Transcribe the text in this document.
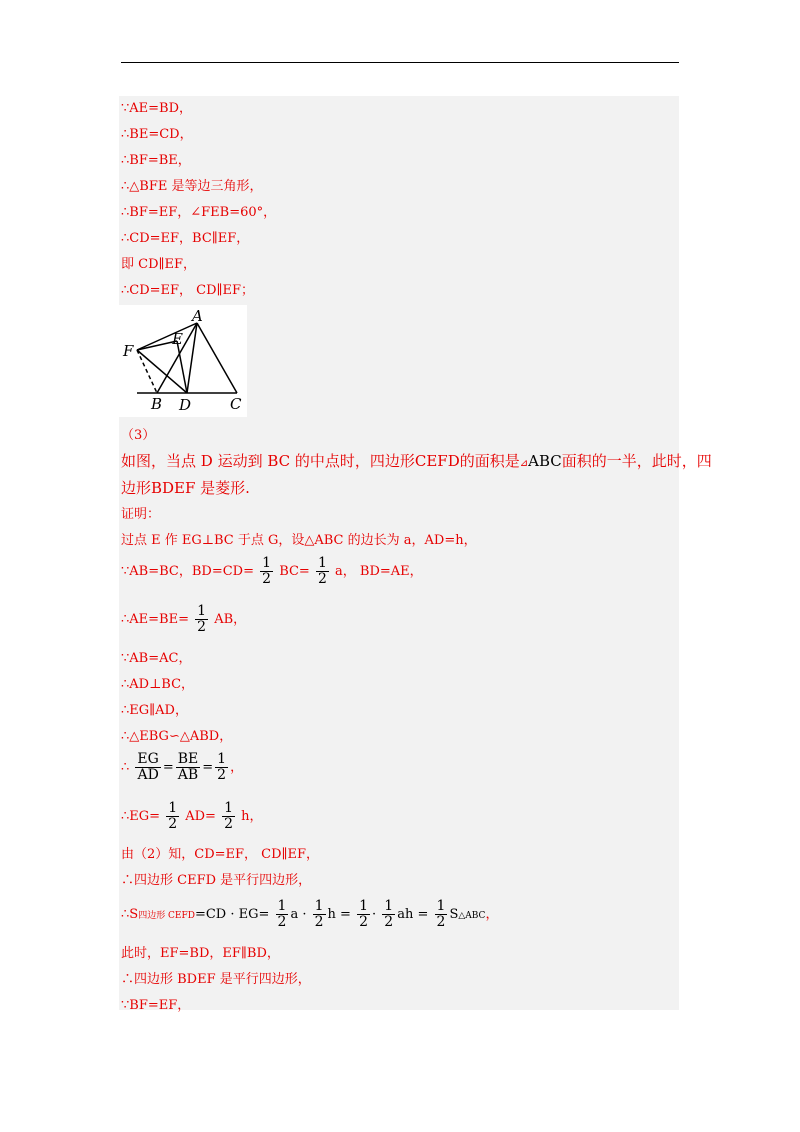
∵AE=BD，
∴BE=CD，
∴BF=BE，
∴△BFE 是等边三角形，
∴BF=EF，∠FEB=60°，
∴CD=EF，BC∥EF，
即 CD∥EF，
∴CD=EF， CD∥EF；
A
E
F
B D	C
（3）
如图，当点 D 运动到 BC 的中点时，四边形CEFD的面积是⊿ABC面积的一半，此时，四
边形BDEF 是菱形.
证明：
过点 E 作 EG⊥BC 于点 G，设△ABC 的边长为 a，AD=h，
∵AB=BC，$BD=CD= \frac{1}{2} BC= \frac{1}{2}$ a， BD=AE，
∴AE=BE= $\frac{1}{2}$ AB，
∵AB=AC，
∴AD⊥BC，
∴EG∥AD，
∴△EBG∽△ABD，
∴ $\frac{EG}{AD} = \frac{BE}{AB} = \frac{1}{2}$ ，
∴EG= $\frac{1}{2} AD= \frac{1}{2}$ h，
由（2）知，CD=EF， CD∥EF，
∴四边形 CEFD 是平行四边形，
∴S四边形 CEFD=CD · $EG= \frac{1}{2}$ $a \cdot \frac{1}{2}$ $h = \frac{1}{2} \cdot \frac{1}{2}$ ah = $\frac{1}{2}$ S△ABC，
此时，EF=BD，EF∥BD，
∴四边形 BDEF 是平行四边形，
∵BF=EF，
